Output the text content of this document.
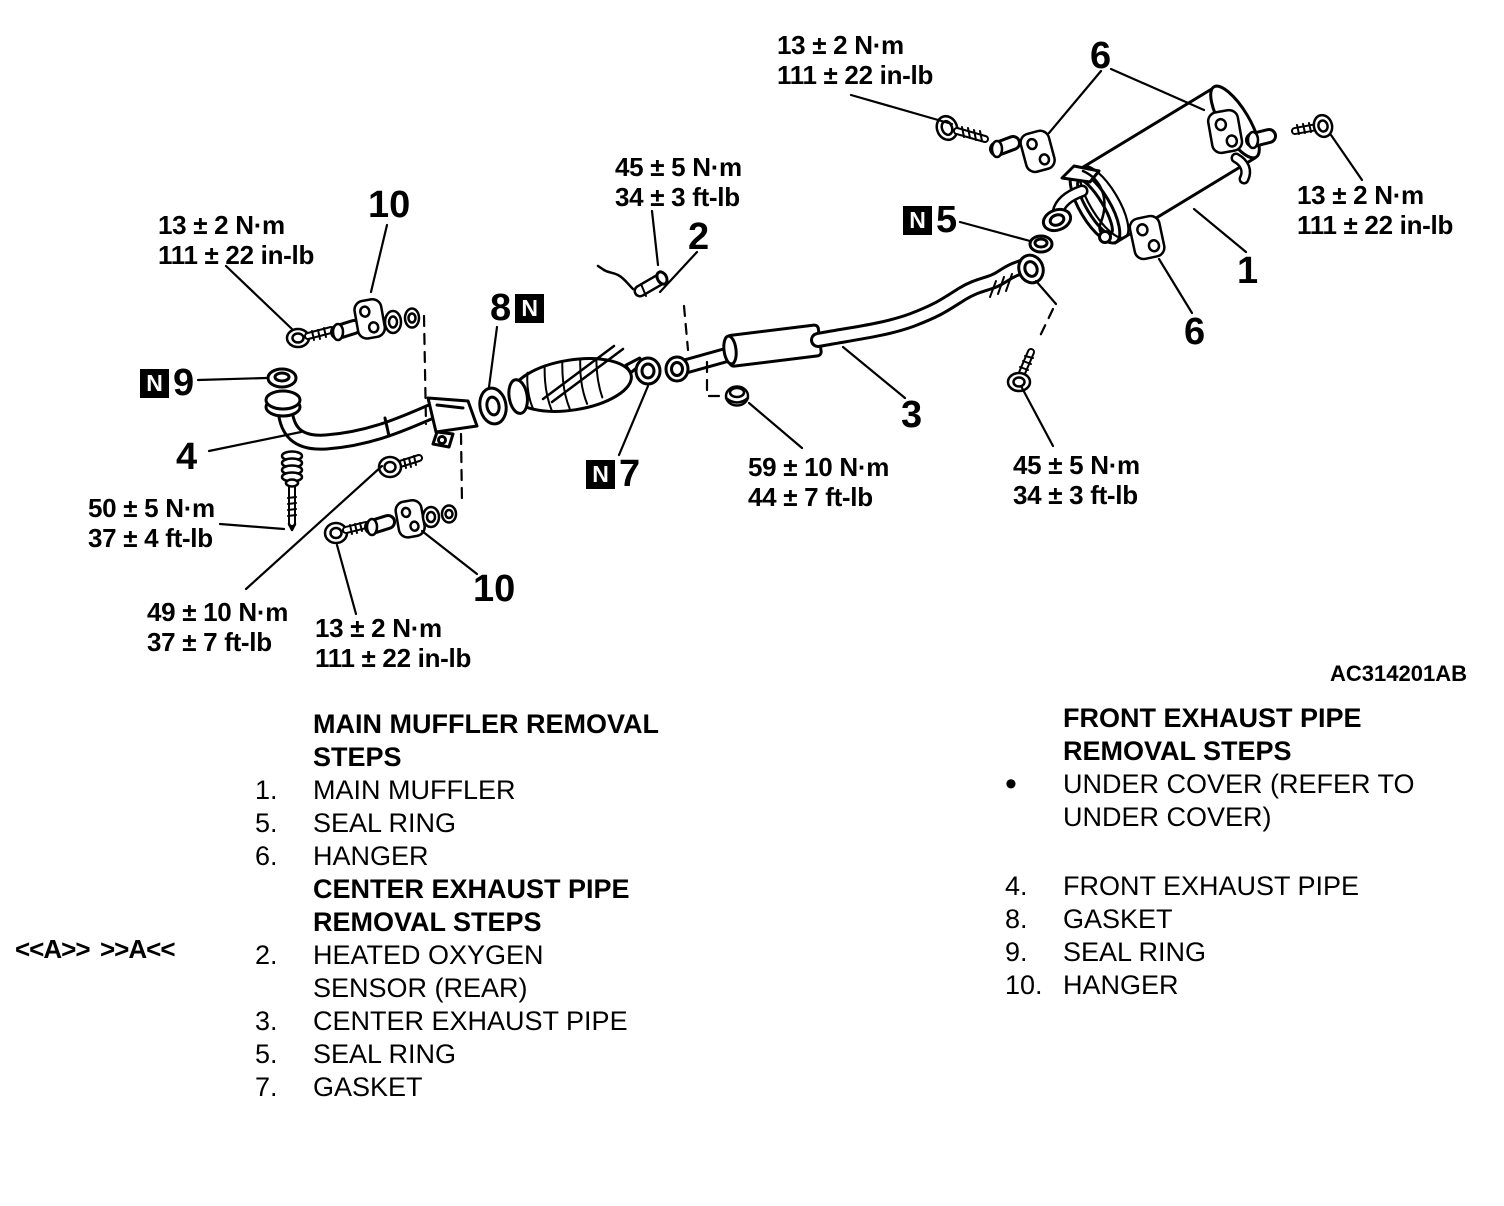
13 ± 2 N·m
111 ± 22 in-lb
13 ± 2 N·m
111 ± 22 in-lb
13 ± 2 N·m
111 ± 22 in-lb
45 ± 5 N·m
34 ± 3 ft-lb
59 ± 10 N·m
44 ± 7 ft-lb
45 ± 5 N·m
34 ± 3 ft-lb
50 ± 5 N·m
37 ± 4 ft-lb
49 ± 10 N·m
37 ± 7 ft-lb	13 ± 2 N·m
111 ± 22 in-lb
6
10
2
8 N
N 5
N 9
1
6
4	N 7
3
10
<<A>> >>A<<
AC314201AB
MAIN MUFFLER REMOVAL
STEPS
1.	MAIN MUFFLER
5.	SEAL RING
6.	HANGER
CENTER EXHAUST PIPE
REMOVAL STEPS
2.	HEATED OXYGEN SENSOR (REAR)
3.	CENTER EXHAUST PIPE
5.	SEAL RING
7.	GASKET
FRONT EXHAUST PIPE
REMOVAL STEPS
•	UNDER COVER (REFER TO UNDER COVER)
4.	FRONT EXHAUST PIPE
8.	GASKET
9.	SEAL RING
10. HANGER
